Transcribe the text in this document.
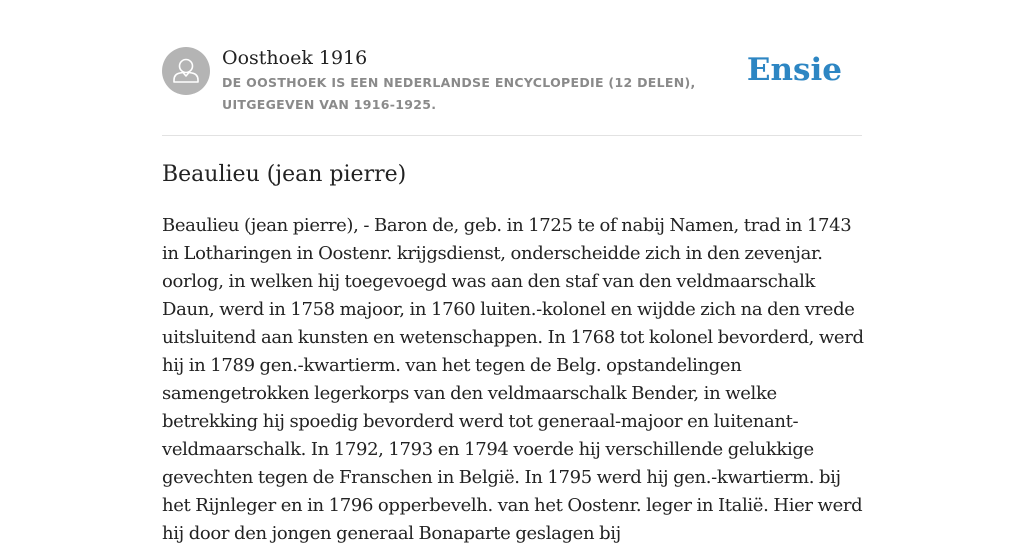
Oosthoek 1916
DE OOSTHOEK IS EEN NEDERLANDSE ENCYCLOPEDIE (12 DELEN), UITGEGEVEN VAN 1916-1925.
Ensie
Beaulieu (jean pierre)

Beaulieu (jean pierre), - Baron de, geb. in 1725 te of nabij Namen, trad in 1743 in Lotharingen in Oostenr. krijgsdienst, onderscheidde zich in den zevenjar. oorlog, in welken hij toegevoegd was aan den staf van den veldmaarschalk Daun, werd in 1758 majoor, in 1760 luiten.-kolonel en wijdde zich na den vrede uitsluitend aan kunsten en wetenschappen. In 1768 tot kolonel bevorderd, werd hij in 1789 gen.-kwartierm. van het tegen de Belg. opstandelingen samengetrokken legerkorps van den veldmaarschalk Bender, in welke betrekking hij spoedig bevorderd werd tot generaal-majoor en luitenant-veldmaarschalk. In 1792, 1793 en 1794 voerde hij verschillende gelukkige gevechten tegen de Franschen in België. In 1795 werd hij gen.-kwartierm. bij het Rijnleger en in 1796 opperbevelh. van het Oostenr. leger in Italië. Hier werd hij door den jongen generaal Bonaparte geslagen bij
